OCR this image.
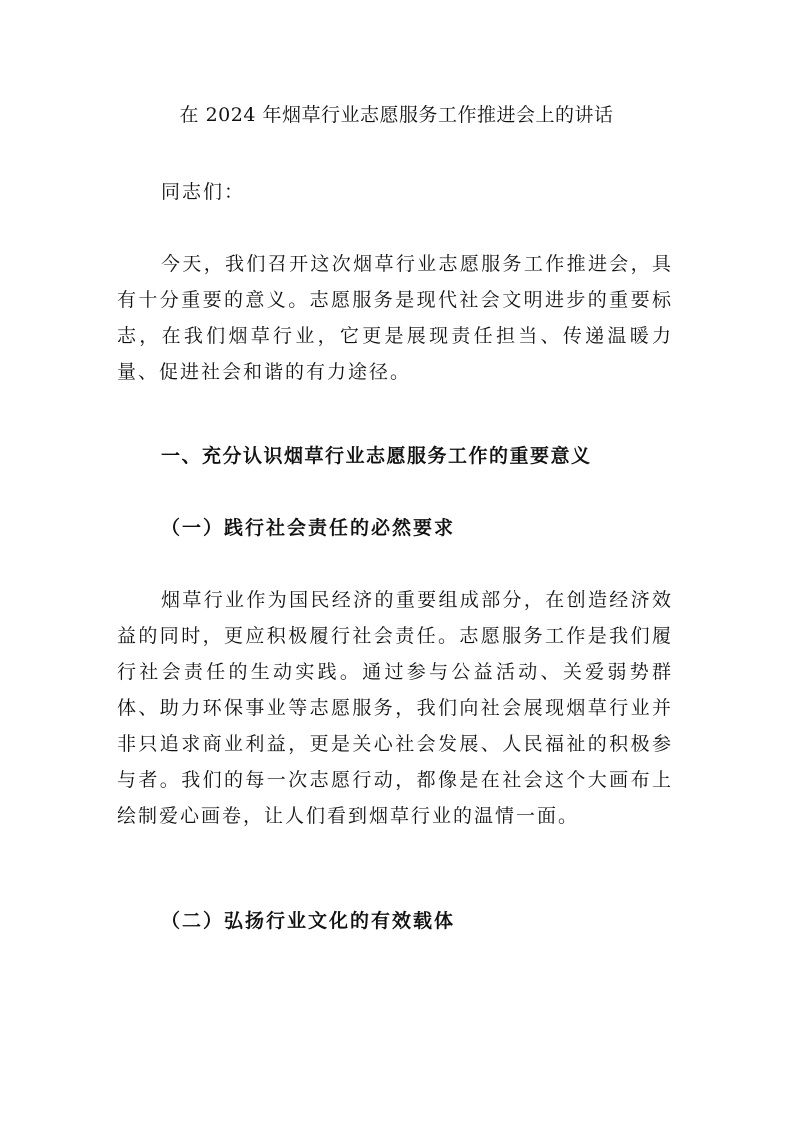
在 2024 年烟草行业志愿服务工作推进会上的讲话

同志们：

今天，我们召开这次烟草行业志愿服务工作推进会，具有十分重要的意义。志愿服务是现代社会文明进步的重要标志，在我们烟草行业，它更是展现责任担当、传递温暖力量、促进社会和谐的有力途径。

一、充分认识烟草行业志愿服务工作的重要意义

（一）践行社会责任的必然要求

烟草行业作为国民经济的重要组成部分，在创造经济效益的同时，更应积极履行社会责任。志愿服务工作是我们履行社会责任的生动实践。通过参与公益活动、关爱弱势群体、助力环保事业等志愿服务，我们向社会展现烟草行业并非只追求商业利益，更是关心社会发展、人民福祉的积极参与者。我们的每一次志愿行动，都像是在社会这个大画布上绘制爱心画卷，让人们看到烟草行业的温情一面。

（二）弘扬行业文化的有效载体
